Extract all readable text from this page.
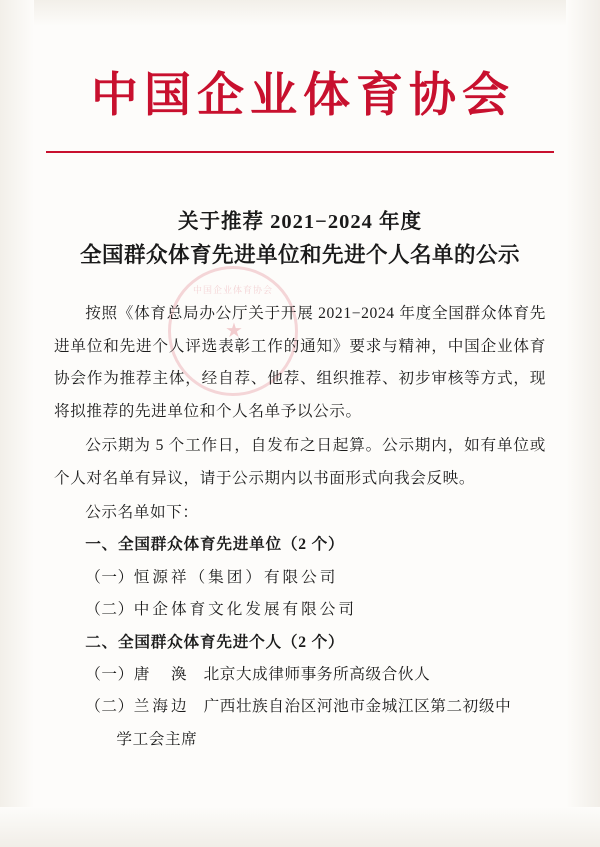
中国企业体育协会
★
中国企业体育协会
关于推荐 2021−2024 年度
全国群众体育先进单位和先进个人名单的公示

按照《体育总局办公厅关于开展 2021−2024 年度全国群众体育先进单位和先进个人评选表彰工作的通知》要求与精神，中国企业体育协会作为推荐主体，经自荐、他荐、组织推荐、初步审核等方式，现将拟推荐的先进单位和个人名单予以公示。

公示期为 5 个工作日，自发布之日起算。公示期内，如有单位或个人对名单有异议，请于公示期内以书面形式向我会反映。

公示名单如下：

一、全国群众体育先进单位（2 个）

（一）恒源祥（集团）有限公司

（二）中企体育文化发展有限公司

二、全国群众体育先进个人（2 个）

（一）唐　渙 北京大成律师事务所高级合伙人

（二）兰海边 广西壮族自治区河池市金城江区第二初级中

学工会主席
